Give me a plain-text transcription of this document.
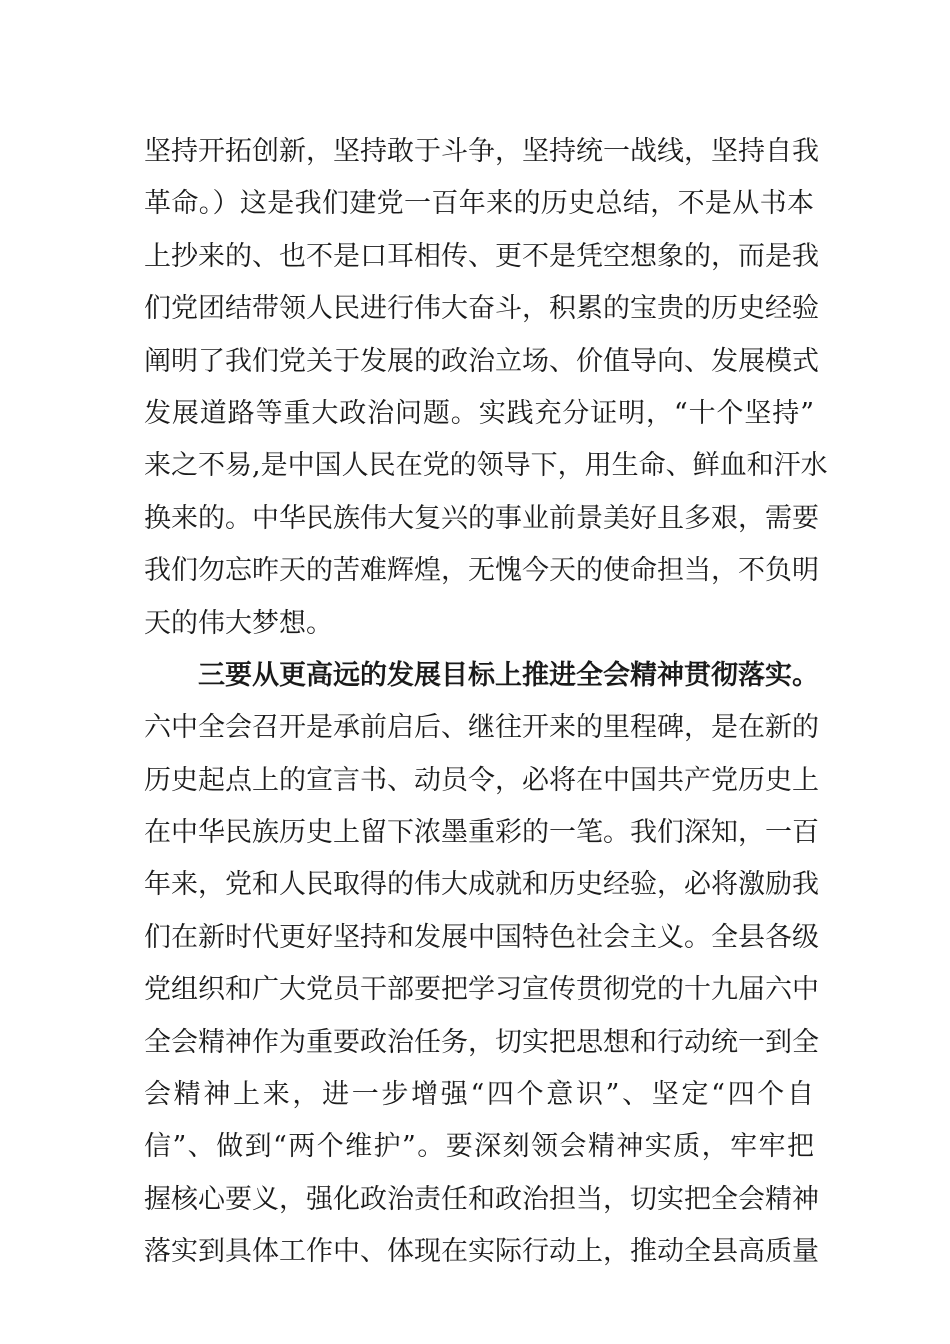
坚持开拓创新，坚持敢于斗争，坚持统一战线，坚持自我
革命。）这是我们建党一百年来的历史总结，不是从书本
上抄来的、也不是口耳相传、更不是凭空想象的，而是我
们党团结带领人民进行伟大奋斗，积累的宝贵的历史经验
阐明了我们党关于发展的政治立场、价值导向、发展模式
发展道路等重大政治问题。实践充分证明，“十个坚持”
来之不易,是中国人民在党的领导下，用生命、鲜血和汗水
换来的。中华民族伟大复兴的事业前景美好且多艰，需要
我们勿忘昨天的苦难辉煌，无愧今天的使命担当，不负明
天的伟大梦想。
三要从更高远的发展目标上推进全会精神贯彻落实。
六中全会召开是承前启后、继往开来的里程碑，是在新的
历史起点上的宣言书、动员令，必将在中国共产党历史上
在中华民族历史上留下浓墨重彩的一笔。我们深知，一百
年来，党和人民取得的伟大成就和历史经验，必将激励我
们在新时代更好坚持和发展中国特色社会主义。全县各级
党组织和广大党员干部要把学习宣传贯彻党的十九届六中
全会精神作为重要政治任务，切实把思想和行动统一到全
会精神上来，进一步增强“四个意识”、坚定“四个自
信”、做到“两个维护”。要深刻领会精神实质，牢牢把
握核心要义，强化政治责任和政治担当，切实把全会精神
落实到具体工作中、体现在实际行动上，推动全县高质量
